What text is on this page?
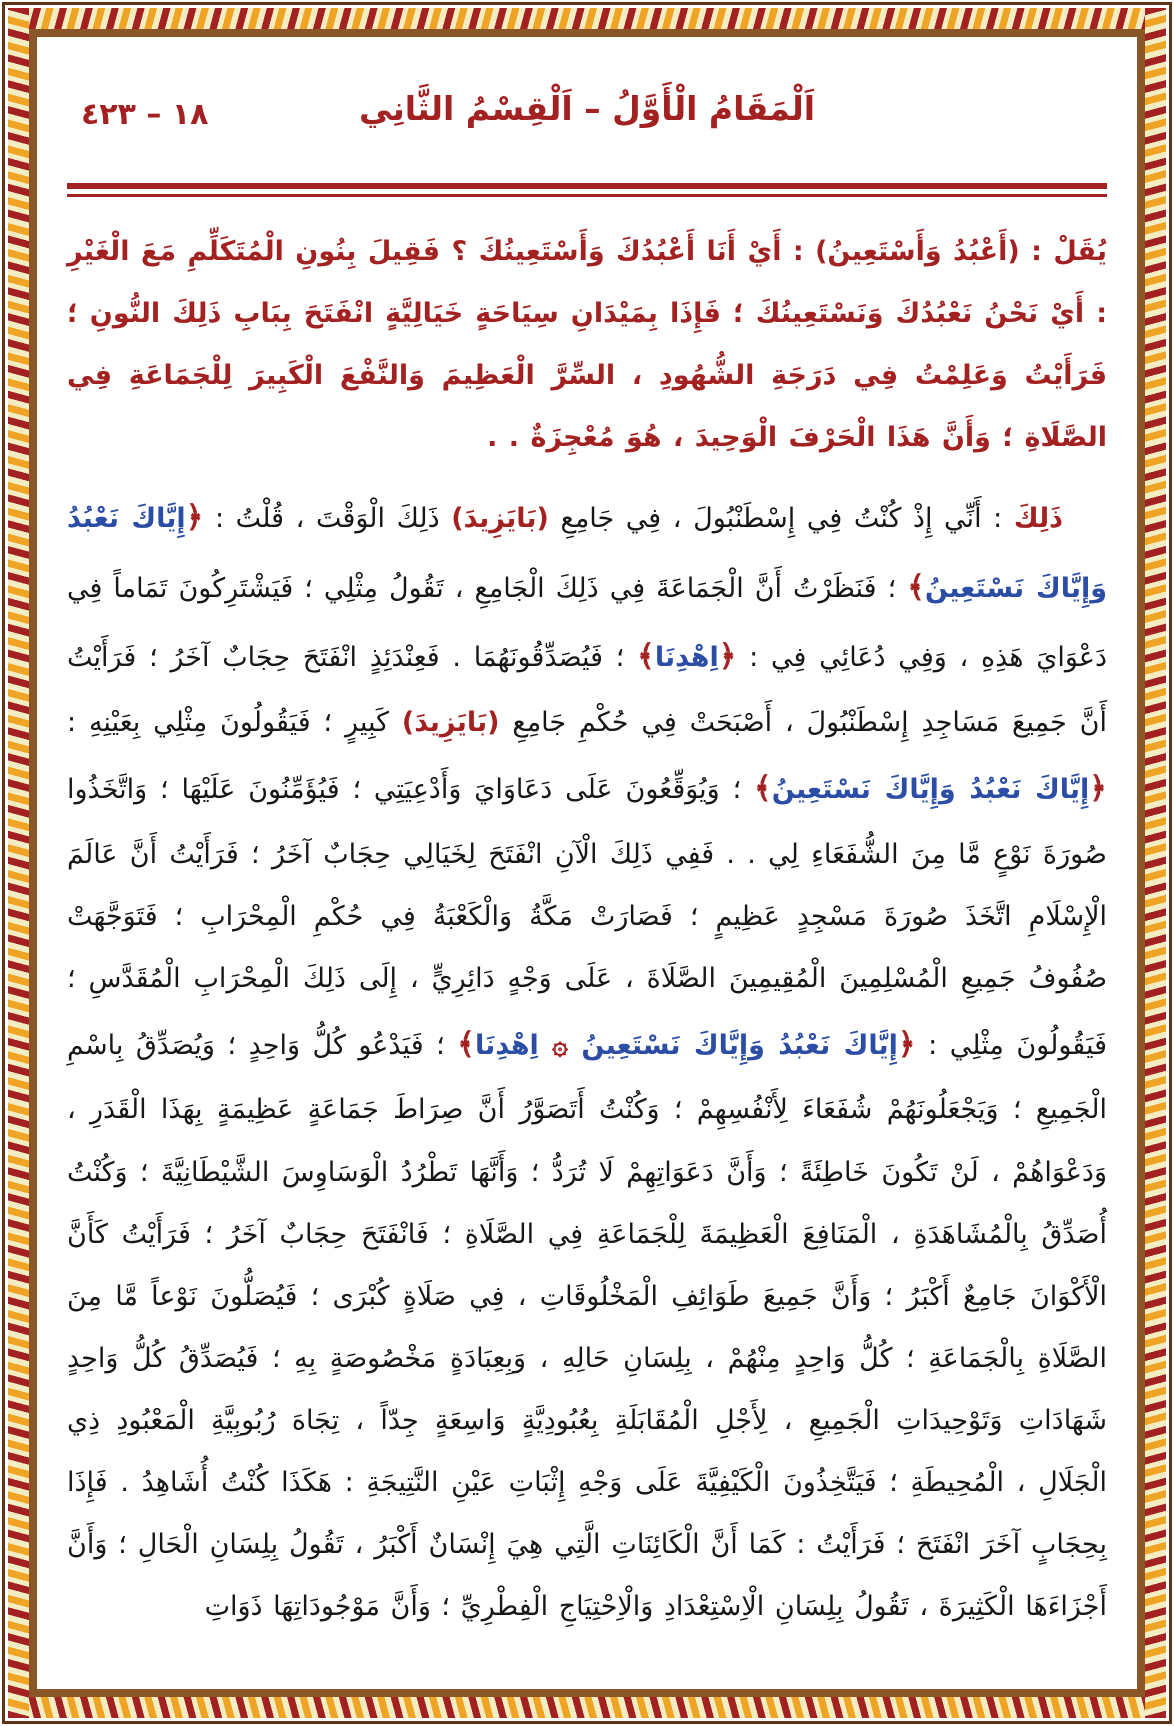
١٨ – ٤٢٣	اَلْمَقَامُ الْأَوَّلُ – اَلْقِسْمُ الثَّانِي

يُقَلْ : (أَعْبُدُ وَأَسْتَعِينُ) : أَيْ أَنَا أَعْبُدُكَ وَأَسْتَعِينُكَ ؟ فَقِيلَ بِنُونِ الْمُتَكَلِّمِ مَعَ الْغَيْرِ : أَيْ نَحْنُ نَعْبُدُكَ وَنَسْتَعِينُكَ ؛ فَإِذَا بِمَيْدَانِ سِيَاحَةٍ خَيَالِيَّةٍ انْفَتَحَ بِبَابِ ذَلِكَ النُّونِ ؛ فَرَأَيْتُ وَعَلِمْتُ فِي دَرَجَةِ الشُّهُودِ ، السِّرَّ الْعَظِيمَ وَالنَّفْعَ الْكَبِيرَ لِلْجَمَاعَةِ فِي الصَّلَاةِ ؛ وَأَنَّ هَذَا الْحَرْفَ الْوَحِيدَ ، هُوَ مُعْجِزَةٌ . .

ذَلِكَ : أَنِّي إِذْ كُنْتُ فِي إِسْطَنْبُولَ ، فِي جَامِعِ (بَايَزِيدَ) ذَلِكَ الْوَقْتَ ، قُلْتُ : ﴿إِيَّاكَ نَعْبُدُ وَإِيَّاكَ نَسْتَعِينُ﴾ ؛ فَنَظَرْتُ أَنَّ الْجَمَاعَةَ فِي ذَلِكَ الْجَامِعِ ، تَقُولُ مِثْلِي ؛ فَيَشْتَرِكُونَ تَمَاماً فِي دَعْوَايَ هَذِهِ ، وَفِي دُعَائِي فِي : ﴿اِهْدِنَا﴾ ؛ فَيُصَدِّقُونَهُمَا . فَعِنْدَئِذٍ انْفَتَحَ حِجَابٌ آخَرُ ؛ فَرَأَيْتُ أَنَّ جَمِيعَ مَسَاجِدِ إِسْطَنْبُولَ ، أَصْبَحَتْ فِي حُكْمِ جَامِعِ (بَايَزِيدَ) كَبِيرٍ ؛ فَيَقُولُونَ مِثْلِي بِعَيْنِهِ : ﴿إِيَّاكَ نَعْبُدُ وَإِيَّاكَ نَسْتَعِينُ﴾ ؛ وَيُوَقِّعُونَ عَلَى دَعَاوَايَ وَأَدْعِيَتِي ؛ فَيُؤَمِّنُونَ عَلَيْهَا ؛ وَاتَّخَذُوا صُورَةَ نَوْعٍ مَّا مِنَ الشُّفَعَاءِ لِي . . فَفِي ذَلِكَ الْآنِ انْفَتَحَ لِخَيَالِي حِجَابٌ آخَرُ ؛ فَرَأَيْتُ أَنَّ عَالَمَ الْإِسْلَامِ اتَّخَذَ صُورَةَ مَسْجِدٍ عَظِيمٍ ؛ فَصَارَتْ مَكَّةُ وَالْكَعْبَةُ فِي حُكْمِ الْمِحْرَابِ ؛ فَتَوَجَّهَتْ صُفُوفُ جَمِيعِ الْمُسْلِمِينَ الْمُقِيمِينَ الصَّلَاةَ ، عَلَى وَجْهٍ دَائِرِيٍّ ، إِلَى ذَلِكَ الْمِحْرَابِ الْمُقَدَّسِ ؛ فَيَقُولُونَ مِثْلِي : ﴿إِيَّاكَ نَعْبُدُ وَإِيَّاكَ نَسْتَعِينُ ۞ اِهْدِنَا﴾ ؛ فَيَدْعُو كُلُّ وَاحِدٍ ؛ وَيُصَدِّقُ بِاسْمِ الْجَمِيعِ ؛ وَيَجْعَلُونَهُمْ شُفَعَاءَ لِأَنْفُسِهِمْ ؛ وَكُنْتُ أَتَصَوَّرُ أَنَّ صِرَاطَ جَمَاعَةٍ عَظِيمَةٍ بِهَذَا الْقَدَرِ ، وَدَعْوَاهُمْ ، لَنْ تَكُونَ خَاطِئَةً ؛ وَأَنَّ دَعَوَاتِهِمْ لَا تُرَدُّ ؛ وَأَنَّهَا تَطْرُدُ الْوَسَاوِسَ الشَّيْطَانِيَّةَ ؛ وَكُنْتُ أُصَدِّقُ بِالْمُشَاهَدَةِ ، الْمَنَافِعَ الْعَظِيمَةَ لِلْجَمَاعَةِ فِي الصَّلَاةِ ؛ فَانْفَتَحَ حِجَابٌ آخَرُ ؛ فَرَأَيْتُ كَأَنَّ الْأَكْوَانَ جَامِعٌ أَكْبَرُ ؛ وَأَنَّ جَمِيعَ طَوَائِفِ الْمَخْلُوقَاتِ ، فِي صَلَاةٍ كُبْرَى ؛ فَيُصَلُّونَ نَوْعاً مَّا مِنَ الصَّلَاةِ بِالْجَمَاعَةِ ؛ كُلُّ وَاحِدٍ مِنْهُمْ ، بِلِسَانِ حَالِهِ ، وَبِعِبَادَةٍ مَخْصُوصَةٍ بِهِ ؛ فَيُصَدِّقُ كُلُّ وَاحِدٍ شَهَادَاتِ وَتَوْحِيدَاتِ الْجَمِيعِ ، لِأَجْلِ الْمُقَابَلَةِ بِعُبُودِيَّةٍ وَاسِعَةٍ جِدّاً ، تِجَاهَ رُبُوبِيَّةِ الْمَعْبُودِ ذِي الْجَلَالِ ، الْمُحِيطَةِ ؛ فَيَتَّخِذُونَ الْكَيْفِيَّةَ عَلَى وَجْهِ إِثْبَاتِ عَيْنِ النَّتِيجَةِ : هَكَذَا كُنْتُ أُشَاهِدُ . فَإِذَا بِحِجَابٍ آخَرَ انْفَتَحَ ؛ فَرَأَيْتُ : كَمَا أَنَّ الْكَائِنَاتِ الَّتِي هِيَ إِنْسَانٌ أَكْبَرُ ، تَقُولُ بِلِسَانِ الْحَالِ ؛ وَأَنَّ أَجْزَاءَهَا الْكَثِيرَةَ ، تَقُولُ بِلِسَانِ الْاِسْتِعْدَادِ وَالْاِحْتِيَاجِ الْفِطْرِيِّ ؛ وَأَنَّ مَوْجُودَاتِهَا ذَوَاتِ
